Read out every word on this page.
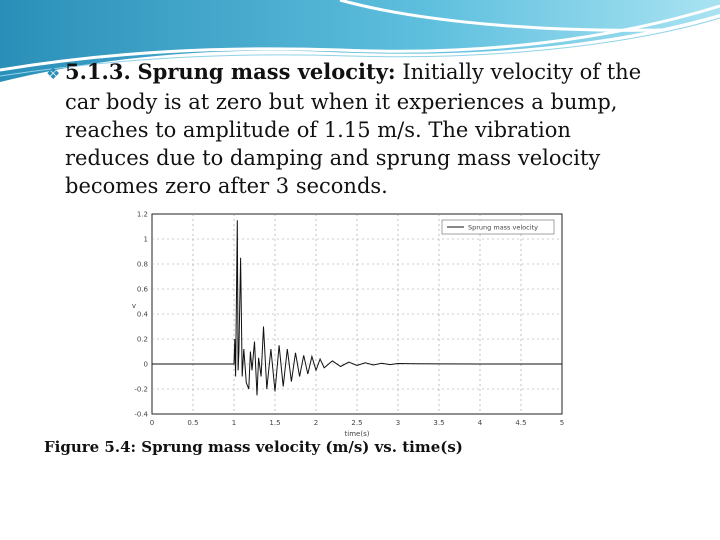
❖ 5.1.3. Sprung mass velocity: Initially velocity of the
car body is at zero but when it experiences a bump,
reaches to amplitude of 1.15 m/s. The vibration
reduces due to damping and sprung mass velocity
becomes zero after 3 seconds.
0	0.5	1	1.5	2	2.5	3	3.5	4	4.5	5
-0.4
-0.2
0
0.2
0.4
0.6
0.8
1
1.2
time(s)
v
Sprung mass velocity
Figure 5.4: Sprung mass velocity (m/s) vs. time(s)
